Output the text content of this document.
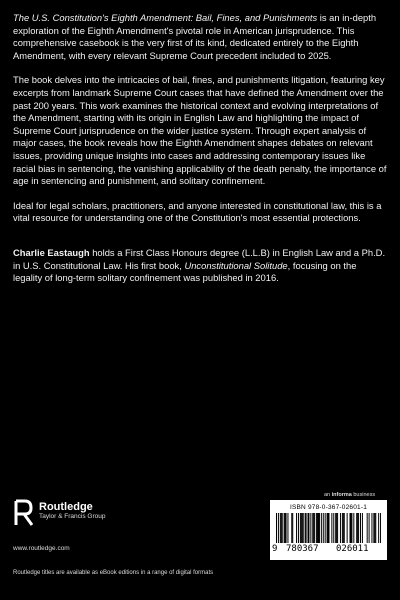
The U.S. Constitution's Eighth Amendment: Bail, Fines, and Punishments is an in-depth exploration of the Eighth Amendment's pivotal role in American jurisprudence. This comprehensive casebook is the very first of its kind, dedicated entirely to the Eighth Amendment, with every relevant Supreme Court precedent included to 2025.

The book delves into the intricacies of bail, fines, and punishments litigation, featuring key excerpts from landmark Supreme Court cases that have defined the Amendment over the past 200 years. This work examines the historical context and evolving interpretations of the Amendment, starting with its origin in English Law and highlighting the impact of Supreme Court jurisprudence on the wider justice system. Through expert analysis of major cases, the book reveals how the Eighth Amendment shapes debates on relevant issues, providing unique insights into cases and addressing contemporary issues like racial bias in sentencing, the vanishing applicability of the death penalty, the importance of age in sentencing and punishment, and solitary confinement.

Ideal for legal scholars, practitioners, and anyone interested in constitutional law, this is a vital resource for understanding one of the Constitution's most essential protections.

Charlie Eastaugh holds a First Class Honours degree (L.L.B) in English Law and a Ph.D. in U.S. Constitutional Law. His first book, Unconstitutional Solitude, focusing on the legality of long-term solitary confinement was published in 2016.

an informa business
Routledge
Taylor & Francis Group
www.routledge.com
ISBN 978-0-367-02601-1
9 780367 026011
Routledge titles are available as eBook editions in a range of digital formats
